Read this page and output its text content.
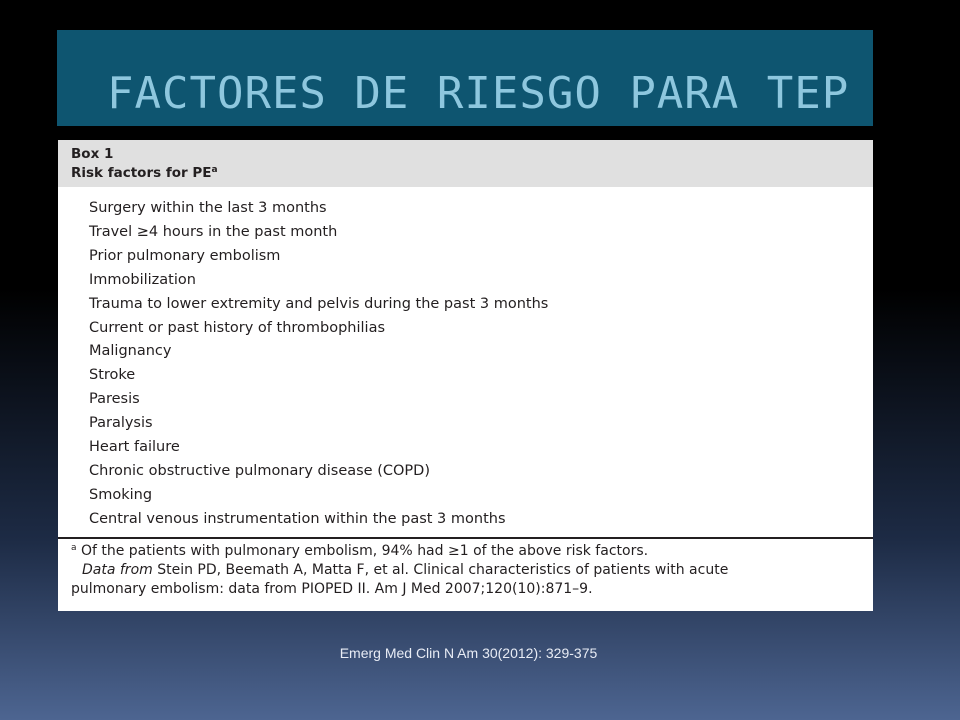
FACTORES DE RIESGO PARA TEP
Box 1
Risk factors for $PE^a$
Surgery within the last 3 months
Travel ≥4 hours in the past month
Prior pulmonary embolism
Immobilization
Trauma to lower extremity and pelvis during the past 3 months
Current or past history of thrombophilias
Malignancy
Stroke
Paresis
Paralysis
Heart failure
Chronic obstructive pulmonary disease (COPD)
Smoking
Central venous instrumentation within the past 3 months

$^a$ Of the patients with pulmonary embolism, 94% had ≥1 of the above risk factors.

Data from Stein PD, Beemath A, Matta F, et al. Clinical characteristics of patients with acute

pulmonary embolism: data from PIOPED II. Am J Med 2007;120(10):871–9.

Emerg Med Clin N Am 30(2012): 329-375
